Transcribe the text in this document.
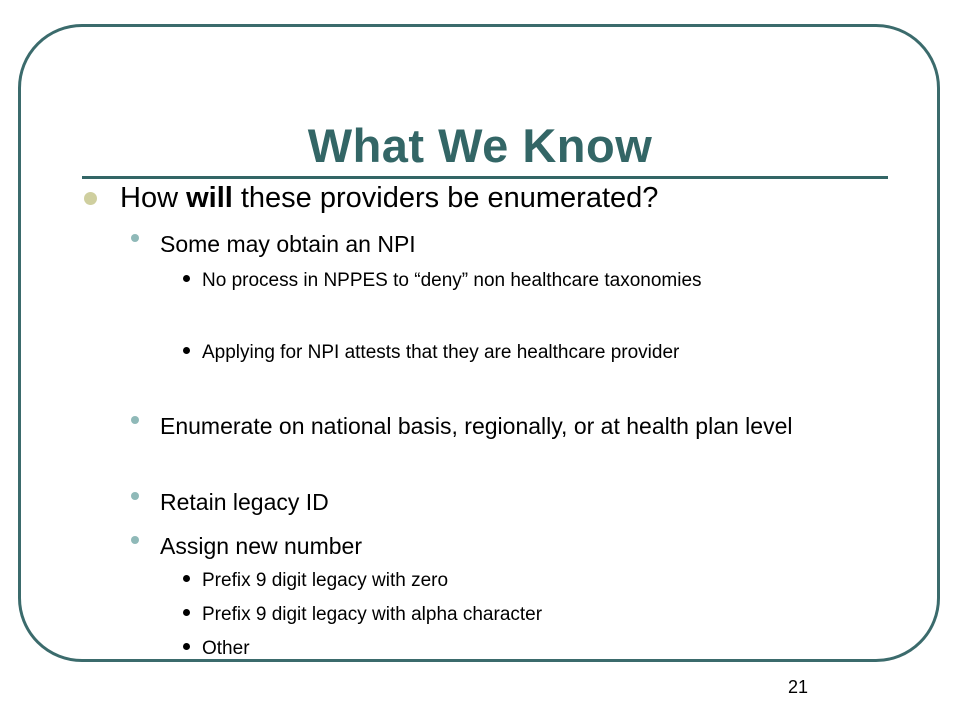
What We Know
How will these providers be enumerated?
Some may obtain an NPI
No process in NPPES to “deny” non healthcare taxonomies
Applying for NPI attests that they are healthcare provider
Enumerate on national basis, regionally, or at health plan level
Retain legacy ID
Assign new number
Prefix 9 digit legacy with zero
Prefix 9 digit legacy with alpha character
Other
21
